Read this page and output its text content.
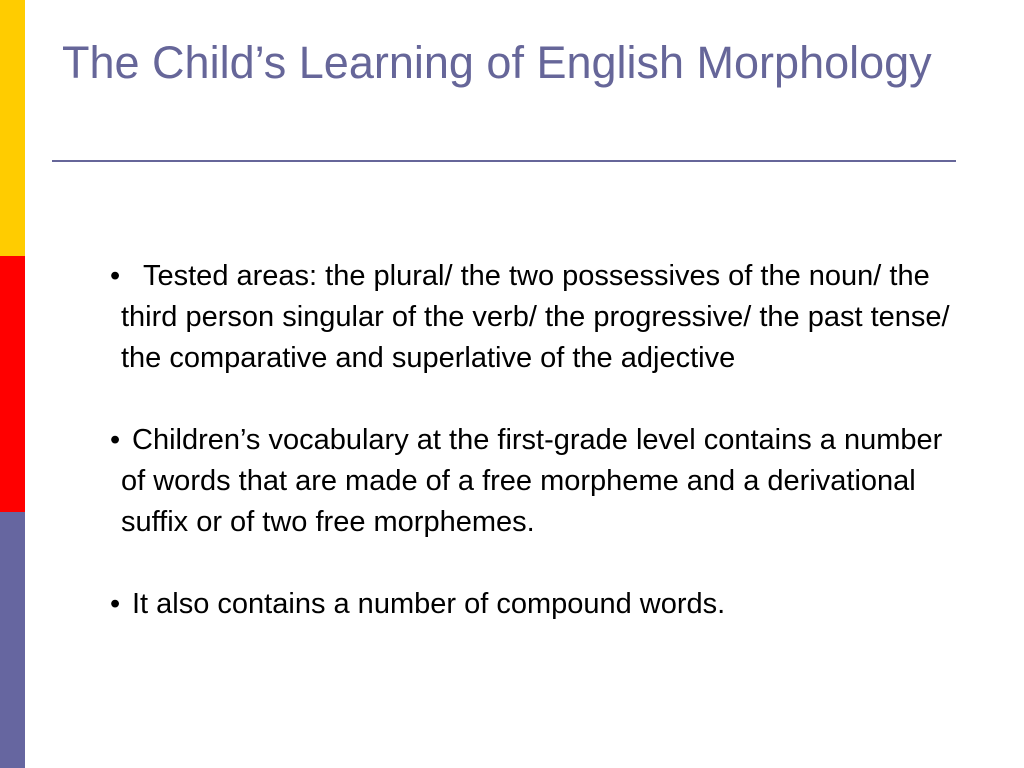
The Child’s Learning of English Morphology

• Tested areas: the plural/ the two possessives of the noun/ the third person singular of the verb/ the progressive/ the past tense/ the comparative and superlative of the adjective

• Children’s vocabulary at the first-grade level contains a number of words that are made of a free morpheme and a derivational suffix or of two free morphemes.

• It also contains a number of compound words.
